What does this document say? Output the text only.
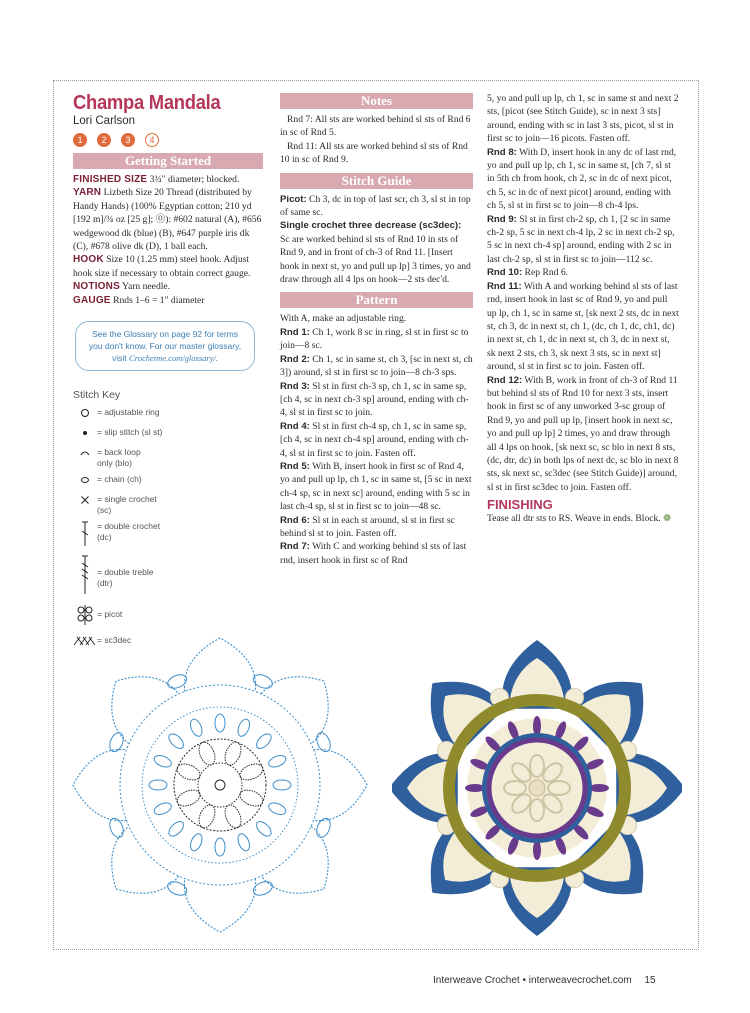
Champa Mandala
Lori Carlson
1	2	3	4
Getting Started

FINISHED SIZE 3¾" diameter; blocked.

YARN Lizbeth Size 20 Thread (distributed by Handy Hands) (100% Egyptian cotton; 210 yd [192 m]/¾ oz [25 g]; ⓪): #602 natural (A), #656 wedgewood dk (blue) (B), #647 purple iris dk (C), #678 olive dk (D), 1 ball each.

HOOK Size 10 (1.25 mm) steel hook. Adjust hook size if necessary to obtain correct gauge.

NOTIONS Yarn needle.

GAUGE Rnds 1–6 = 1" diameter

See the Glossary on page 92 for terms
you don't know. For our master glossary,
visit Crochetme.com/glossary/.
Stitch Key
= adjustable ring
= slip stitch (sl st)
= back loop only (blo)
= chain (ch)
= single crochet (sc)
= double crochet (dc)
= double treble (dtr)
= picot
= sc3dec
Notes

Rnd 7: All sts are worked behind sl sts of Rnd 6 in sc of Rnd 5.

Rnd 11: All sts are worked behind sl sts of Rnd 10 in sc of Rnd 9.

Stitch Guide

Picot: Ch 3, dc in top of last scr, ch 3, sl st in top of same sc.

Single crochet three decrease (sc3dec): Sc are worked behind sl sts of Rnd 10 in sts of Rnd 9, and in front of ch-3 of Rnd 11. [Insert hook in next st, yo and pull up lp] 3 times, yo and draw through all 4 lps on hook—2 sts dec'd.

Pattern

With A, make an adjustable ring.

Rnd 1: Ch 1, work 8 sc in ring, sl st in first sc to join—8 sc.

Rnd 2: Ch 1, sc in same st, ch 3, [sc in next st, ch 3]) around, sl st in first sc to join—8 ch-3 sps.

Rnd 3: Sl st in first ch-3 sp, ch 1, sc in same sp, [ch 4, sc in next ch-3 sp] around, ending with ch-4, sl st in first sc to join.

Rnd 4: Sl st in first ch-4 sp, ch 1, sc in same sp, [ch 4, sc in next ch-4 sp] around, ending with ch-4, sl st in first sc to join. Fasten off.

Rnd 5: With B, insert hook in first sc of Rnd 4, yo and pull up lp, ch 1, sc in same st, [5 sc in next ch-4 sp, sc in next sc] around, ending with 5 sc in last ch-4 sp, sl st in first sc to join—48 sc.

Rnd 6: Sl st in each st around, sl st in first sc behind sl st to join. Fasten off.

Rnd 7: With C and working behind sl sts of last rnd, insert hook in first sc of Rnd

5, yo and pull up lp, ch 1, sc in same st and next 2 sts, [picot (see Stitch Guide), sc in next 3 sts] around, ending with sc in last 3 sts, picot, sl st in first sc to join—16 picots. Fasten off.

Rnd 8: With D, insert hook in any dc of last rnd, yo and pull up lp, ch 1, sc in same st, [ch 7, sl st in 5th ch from hook, ch 2, sc in dc of next picot, ch 5, sc in dc of next picot] around, ending with ch 5, sl st in first sc to join—8 ch-4 lps.

Rnd 9: Sl st in first ch-2 sp, ch 1, [2 sc in same ch-2 sp, 5 sc in next ch-4 lp, 2 sc in next ch-2 sp, 5 sc in next ch-4 sp] around, ending with 2 sc in last ch-2 sp, sl st in first sc to join—112 sc.

Rnd 10: Rep Rnd 6.

Rnd 11: With A and working behind sl sts of last rnd, insert hook in last sc of Rnd 9, yo and pull up lp, ch 1, sc in same st, [sk next 2 sts, dc in next st, ch 3, dc in next st, ch 1, (dc, ch 1, dc, ch1, dc) in next st, ch 1, dc in next st, ch 3, dc in next st, sk next 2 sts, ch 3, sk next 3 sts, sc in next st] around, sl st in first sc to join. Fasten off.

Rnd 12: With B, work in front of ch-3 of Rnd 11 but behind sl sts of Rnd 10 for next 3 sts, insert hook in first sc of any unworked 3-sc group of Rnd 9, yo and pull up lp, [insert hook in next sc, yo and pull up lp] 2 times, yo and draw through all 4 lps on hook, [sk next sc, sc blo in next 8 sts, (dc, dtr, dc) in both lps of next dc, sc blo in next 8 sts, sk next sc, sc3dec (see Stitch Guide)] around, sl st in first sc3dec to join. Fasten off.

FINISHING

Tease all dtr sts to RS. Weave in ends. Block. ❁

Interweave Crochet • interweavecrochet.com 15
